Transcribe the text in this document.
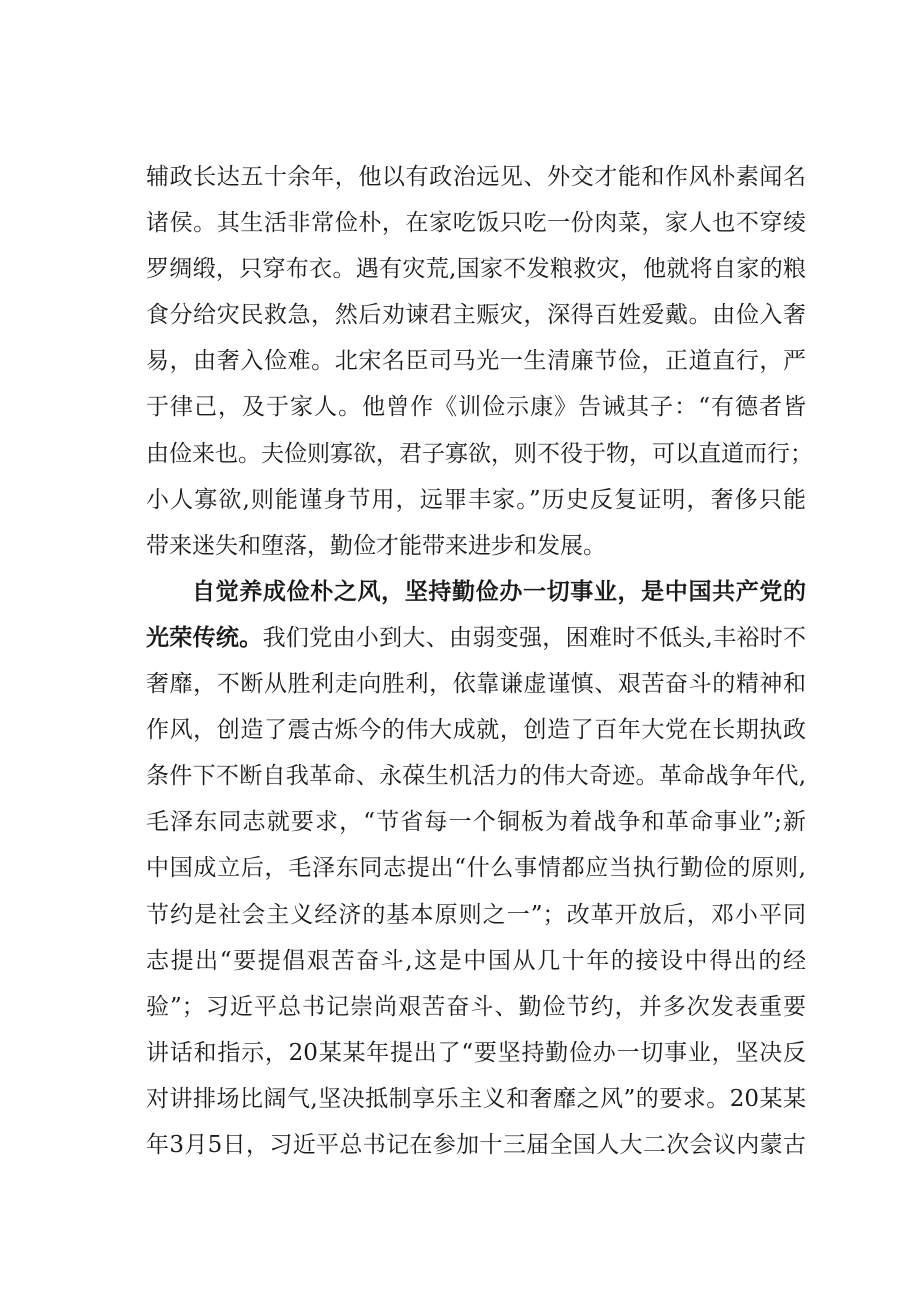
辅政长达五十余年，他以有政治远见、外交才能和作风朴素闻名
诸侯。其生活非常俭朴，在家吃饭只吃一份肉菜，家人也不穿绫
罗绸缎，只穿布衣。遇有灾荒,国家不发粮救灾，他就将自家的粮
食分给灾民救急，然后劝谏君主赈灾，深得百姓爱戴。由俭入奢
易，由奢入俭难。北宋名臣司马光一生清廉节俭，正道直行，严
于律己，及于家人。他曾作《训俭示康》告诫其子：“有德者皆
由俭来也。夫俭则寡欲，君子寡欲，则不役于物，可以直道而行；
小人寡欲,则能谨身节用，远罪丰家。”历史反复证明，奢侈只能
带来迷失和堕落，勤俭才能带来进步和发展。
自觉养成俭朴之风，坚持勤俭办一切事业，是中国共产党的
光荣传统。我们党由小到大、由弱变强，困难时不低头,丰裕时不
奢靡，不断从胜利走向胜利，依靠谦虚谨慎、艰苦奋斗的精神和
作风，创造了震古烁今的伟大成就，创造了百年大党在长期执政
条件下不断自我革命、永葆生机活力的伟大奇迹。革命战争年代,
毛泽东同志就要求，“节省每一个铜板为着战争和革命事业”;新
中国成立后，毛泽东同志提出“什么事情都应当执行勤俭的原则,
节约是社会主义经济的基本原则之一”；改革开放后，邓小平同
志提出“要提倡艰苦奋斗,这是中国从几十年的接设中得出的经
验”；习近平总书记崇尚艰苦奋斗、勤俭节约，并多次发表重要
讲话和指示，20某某年提出了“要坚持勤俭办一切事业，坚决反
对讲排场比阔气,坚决抵制享乐主义和奢靡之风”的要求。20某某
年3月5日，习近平总书记在参加十三届全国人大二次会议内蒙古
